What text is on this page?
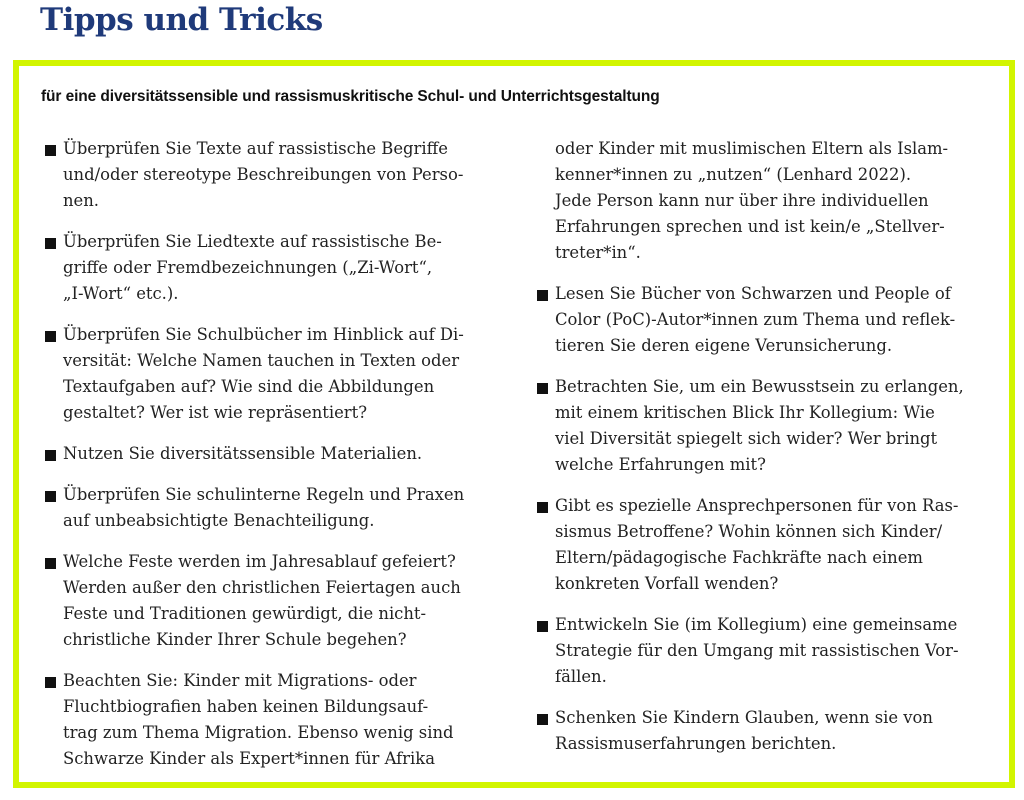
Tipps und Tricks

für eine diversitätssensible und rassismuskritische Schul- und Unterrichtsgestaltung

Überprüfen Sie Texte auf rassistische Begriffe
und/oder stereotype Beschreibungen von Perso-
nen.
Überprüfen Sie Liedtexte auf rassistische Be-
griffe oder Fremdbezeichnungen („Zi-Wort“,
„I-Wort“ etc.).
Überprüfen Sie Schulbücher im Hinblick auf Di-
versität: Welche Namen tauchen in Texten oder
Textaufgaben auf? Wie sind die Abbildungen
gestaltet? Wer ist wie repräsentiert?
Nutzen Sie diversitätssensible Materialien.
Überprüfen Sie schulinterne Regeln und Praxen
auf unbeabsichtigte Benachteiligung.
Welche Feste werden im Jahresablauf gefeiert?
Werden außer den christlichen Feiertagen auch
Feste und Traditionen gewürdigt, die nicht-
christliche Kinder Ihrer Schule begehen?
Beachten Sie: Kinder mit Migrations- oder
Fluchtbiografien haben keinen Bildungsauf-
trag zum Thema Migration. Ebenso wenig sind
Schwarze Kinder als Expert*innen für Afrika
oder Kinder mit muslimischen Eltern als Islam-
kenner*innen zu „nutzen“ (Lenhard 2022).
Jede Person kann nur über ihre individuellen
Erfahrungen sprechen und ist kein/e „Stellver-
treter*in“.
Lesen Sie Bücher von Schwarzen und People of
Color (PoC)-Autor*innen zum Thema und reflek-
tieren Sie deren eigene Verunsicherung.
Betrachten Sie, um ein Bewusstsein zu erlangen,
mit einem kritischen Blick Ihr Kollegium: Wie
viel Diversität spiegelt sich wider? Wer bringt
welche Erfahrungen mit?
Gibt es spezielle Ansprechpersonen für von Ras-
sismus Betroffene? Wohin können sich Kinder/
Eltern/pädagogische Fachkräfte nach einem
konkreten Vorfall wenden?
Entwickeln Sie (im Kollegium) eine gemeinsame
Strategie für den Umgang mit rassistischen Vor-
fällen.
Schenken Sie Kindern Glauben, wenn sie von
Rassismuserfahrungen berichten.
